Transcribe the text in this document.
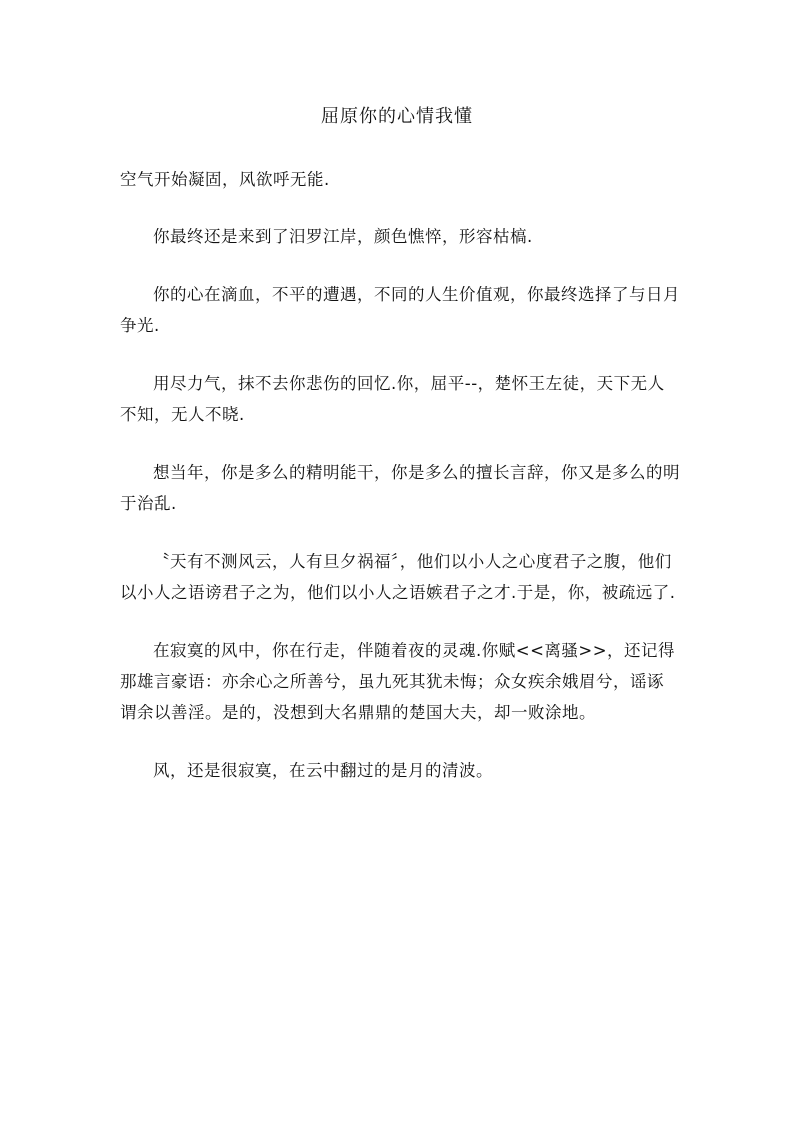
屈原你的心情我懂

空气开始凝固，风欲呼无能.

你最终还是来到了汨罗江岸，颜色憔悴，形容枯槁.

你的心在滴血，不平的遭遇，不同的人生价值观，你最终选择了与日月争光.

用尽力气，抹不去你悲伤的回忆.你，屈平--，楚怀王左徒，天下无人不知，无人不晓.

想当年，你是多么的精明能干，你是多么的擅长言辞，你又是多么的明于治乱.

〝天有不测风云，人有旦夕祸福〞，他们以小人之心度君子之腹，他们以小人之语谤君子之为，他们以小人之语嫉君子之才.于是，你，被疏远了.

在寂寞的风中，你在行走，伴随着夜的灵魂.你赋<<离骚>>，还记得那雄言豪语：亦余心之所善兮，虽九死其犹未悔；众女疾余娥眉兮，谣诼谓余以善淫。是的，没想到大名鼎鼎的楚国大夫，却一败涂地。

风，还是很寂寞，在云中翻过的是月的清波。
